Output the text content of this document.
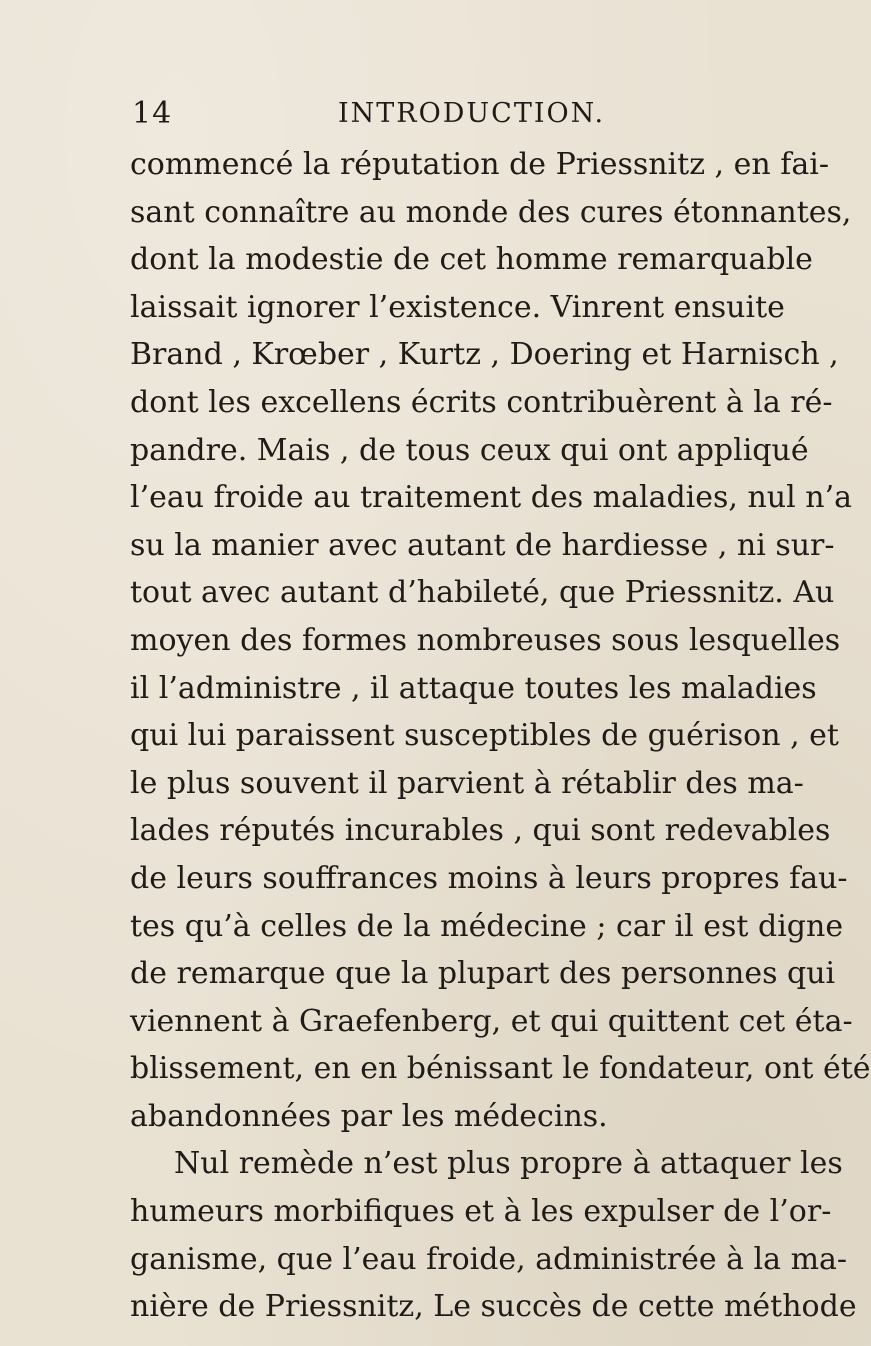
14	INTRODUCTION.
commencé la réputation de Priessnitz , en fai-
sant connaître au monde des cures étonnantes,
dont la modestie de cet homme remarquable
laissait ignorer l’existence. Vinrent ensuite
Brand , Krœber , Kurtz , Doering et Harnisch ,
dont les excellens écrits contribuèrent à la ré-
pandre. Mais , de tous ceux qui ont appliqué
l’eau froide au traitement des maladies, nul n’a
su la manier avec autant de hardiesse , ni sur-
tout avec autant d’habileté, que Priessnitz. Au
moyen des formes nombreuses sous lesquelles
il l’administre , il attaque toutes les maladies
qui lui paraissent susceptibles de guérison , et
le plus souvent il parvient à rétablir des ma-
lades réputés incurables , qui sont redevables
de leurs souffrances moins à leurs propres fau-
tes qu’à celles de la médecine ; car il est digne
de remarque que la plupart des personnes qui
viennent à Graefenberg, et qui quittent cet éta-
blissement, en en bénissant le fondateur, ont été
abandonnées par les médecins.
Nul remède n’est plus propre à attaquer les
humeurs morbifiques et à les expulser de l’or-
ganisme, que l’eau froide, administrée à la ma-
nière de Priessnitz, Le succès de cette méthode
